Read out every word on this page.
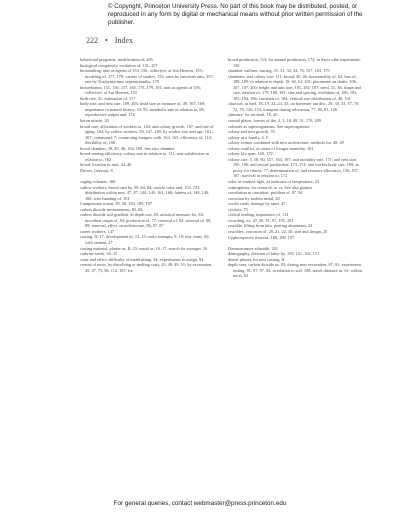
© Copyright, Princeton University Press. No part of this book may be distributed, posted, or reproduced in any form by digital or mechanical means without prior written permission of the publisher.
222 • Index

behavioral programs, modification of, 205

biological complexity, evolution of, 151–157

biomantling, ants as agents of 153, 156; collective, at Ant Heaven, 155; modeling of, 177, 178; variety of studies, 153; rates by harvester ants, 157; rate by Trachymyrmex septentrionalis, 179

biotuebation, 151, 156, 157, 165, 178–179, 181; ants as agents of 156; collective, at Ant Heaven, 155

birth rate, 41; estimation of, 117

body size, and nest size, 169, 203; head size as measure of, 49, 167, 169; importance in natural history, 54, 55; metabolic rate in relation to, 68; reproductive output and, 174

boron nitride, 20

brood care, allocation of workers to, 144; and colony growth, 167; and rate of aging, 162; by callow workers, 59, 147–149; by worker size and age, 161–167; communal, 7; connecting foragers with, 164, 165; efficiency of, 114; flexibility of, 168

brood chamber, 39, 40, 46, 164, 168. See also chamber

brood-rearing efficiency, colony size in relation to, 111; nest subdivision in relation to, 162

brood, location in nest, 44–46

Brown, Grayson, 8

caging colonies, 160

callow workers, brood care by, 59–64, 84; cuticle color and, 153, 152; distribution within nest, 47, 87, 148–149, 161, 168; fatness of, 148–149, 168; wire banding of, 161

Camponotus ocreat, 85, 58, 183, 189, 197

carbon dioxide measurement, 83–84

carbon dioxide soil gradient, as depth cue, 83; artistical measure for, 84; microbial origin of, 84; production of, 77; removal of, 84; reversal of, 88, 89; removal, effect on architecture, 86, 87, 87

career workers, 147

casting, II–17; development of, 13–15; early attempts, 9, 10; tiny vents, 60; with cement, 27

casting material, plaster as, II–15; metal as, 16–17; search for stronger, 16

cathrine seeds, 34–35

caste and effect, difficulty of establishing, 94; experiments to assign, 94

census of nests, by dissolving or melting casts, 45, 49, 49, 51; by excavation, 45, 47, 75, 86, 112, 167; for

brood production, 113; for annual production, 172; in Sayts cake experiment, 130

chamber outlines, tracing, 31, 31, 32, 34, 76, 167, 163, 175

chambers, and colony size, 111; brood, 40, 46; horizontality of, 62; loss of, 188, 189; in relation to depth, 19, 60, 61, 101; placement on shafts, 106–107, 107, 200; height and unit size, 181–182, 187; need, 31, 36; shape and size, rotation of, 179, 180, 181; size and spacing, evolution of, 180, 182, 183, 184, 186; variation of, 184; vertical size distribution of, 46, 101

charcoal, as fuel, 18–19, 22–23, 45; on harvester ant disc, 29, 30, 33, 57, 70, 72, 79, 126, 134; transport during relocation, 77, 80, 81, 126

chimney, for air draft, 18, 20

coastal plains, forests of the, 2, 3, 18, 49, 51, 176, 209

colonies as superorganisms. See superorganism

colony and nest growth, 70

colony as a family, 4, 5

colony census combined with nest architecture, methods for, 48, 49

colony conflict, as cause of forager mortality, 161

colony life span, 160, 172

colony size, 5, 58, 80, 157, 164, 167; and mortality rate, 171; and nest size, 190, 196; and sexual production, 173–174; and worker body size, 169; as proxy for fitness, 77; determination of, and resource allocation, 156–157, 167; survival in relation to, 172

color of emitted light, as indicator of temperature, 23

contraptions, for research, or vs. See also gizmos

correlation as causation, problem of, 87, 94

corrosion by molten metal, 20

cowlit cards, damage by sand, 47

crickets, 75

critical reading, importance of, 114

crowding, ex, 47, 50, 81, 97, 195, 201

crucible, lifting from kiln, pouring aluminum, 24

crucibles, corrosion of, 20–21, 22, 30; size and design, 25

Cyphomyrmex rimosus, 188, 188, 197

Dasmomirmex schmidti, 201

demography, division of labor by, 159, 161–162, 171

dental plaster, for nest casting, II

depth cues, carbon dioxide as, 83; during nest excavation, 87, 91; experiment testing, 91, 97, 97, 92; in relation to soil, 108; travel distance as, 61; within nests, 82

For general queries, contact webmaster@press.princeton.edu
